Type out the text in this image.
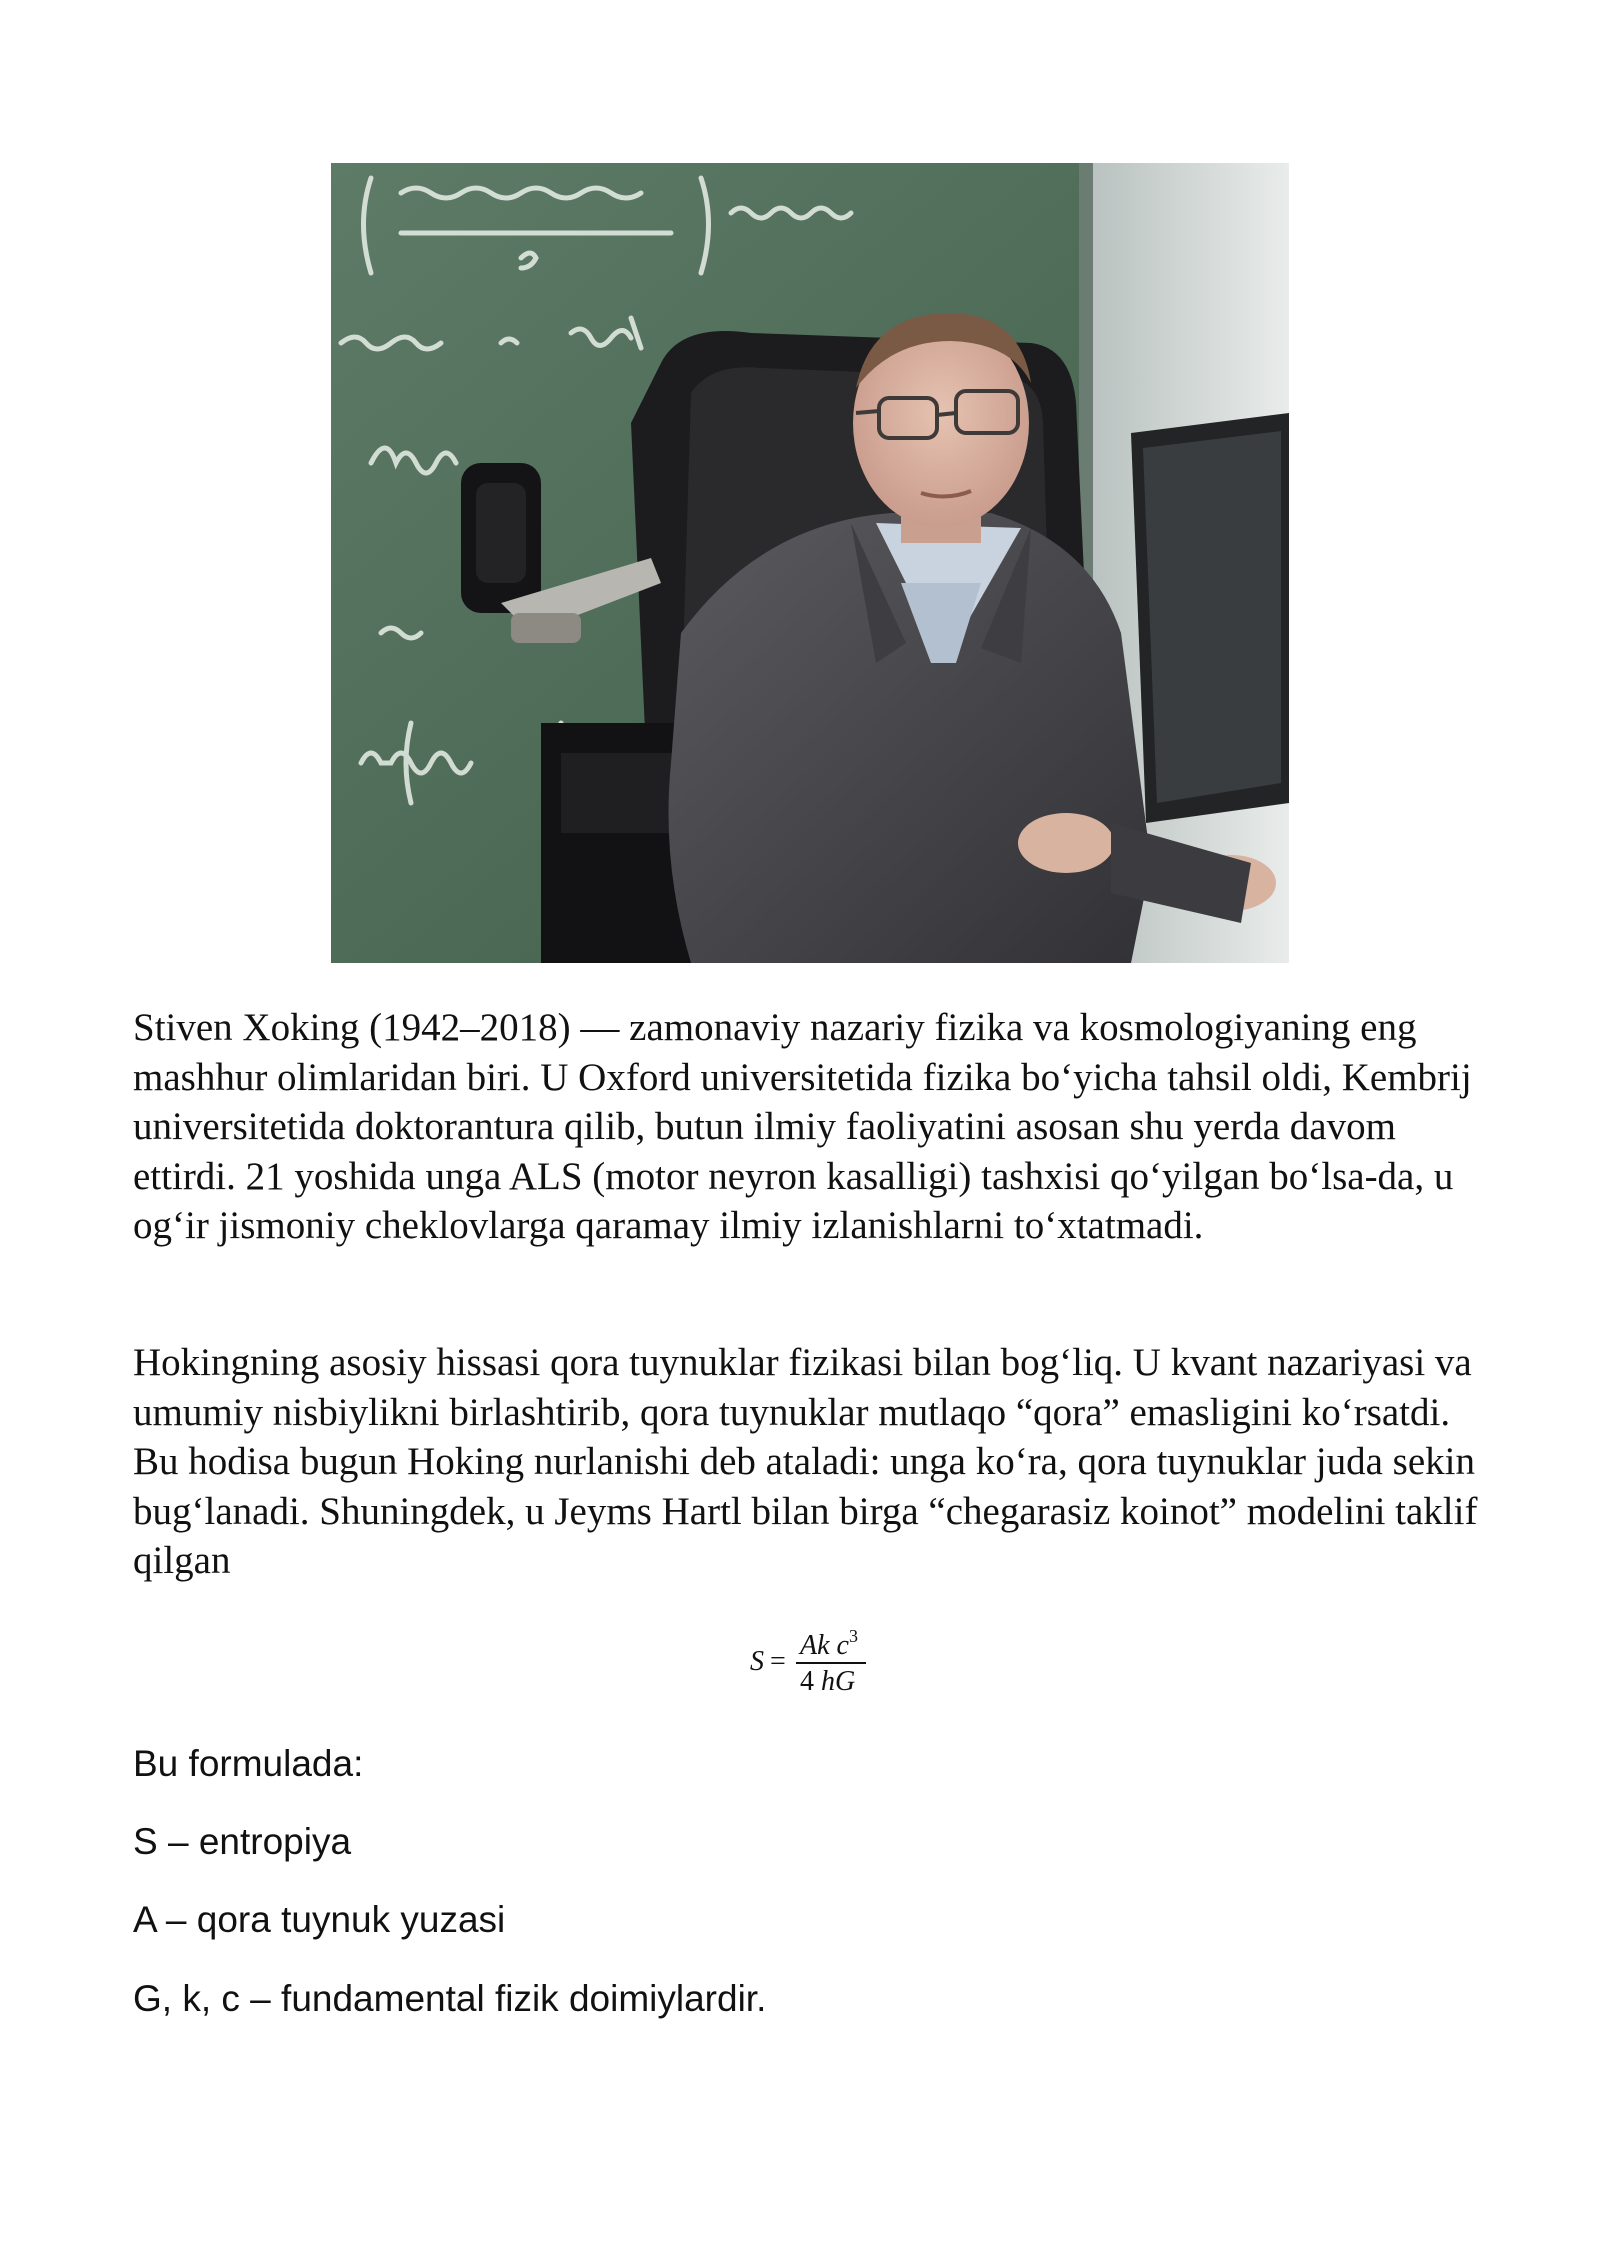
Stiven Xoking (1942–2018) — zamonaviy nazariy fizika va kosmologiyaning eng mashhur olimlaridan biri. U Oxford universitetida fizika bo‘yicha tahsil oldi, Kembrij universitetida doktorantura qilib, butun ilmiy faoliyatini asosan shu yerda davom ettirdi. 21 yoshida unga ALS (motor neyron kasalligi) tashxisi qo‘yilgan bo‘lsa-da, u og‘ir jismoniy cheklovlarga qaramay ilmiy izlanishlarni to‘xtatmadi.

Hokingning asosiy hissasi qora tuynuklar fizikasi bilan bog‘liq. U kvant nazariyasi va umumiy nisbiylikni birlashtirib, qora tuynuklar mutlaqo “qora” emasligini ko‘rsatdi. Bu hodisa bugun Hoking nurlanishi deb ataladi: unga ko‘ra, qora tuynuklar juda sekin bug‘lanadi. Shuningdek, u Jeyms Hartl bilan birga “chegarasiz koinot” modelini taklif qilgan

S =
Ak $c^3$
4 hG

Bu formulada:

S – entropiya

A – qora tuynuk yuzasi

G, k, c – fundamental fizik doimiylardir.
